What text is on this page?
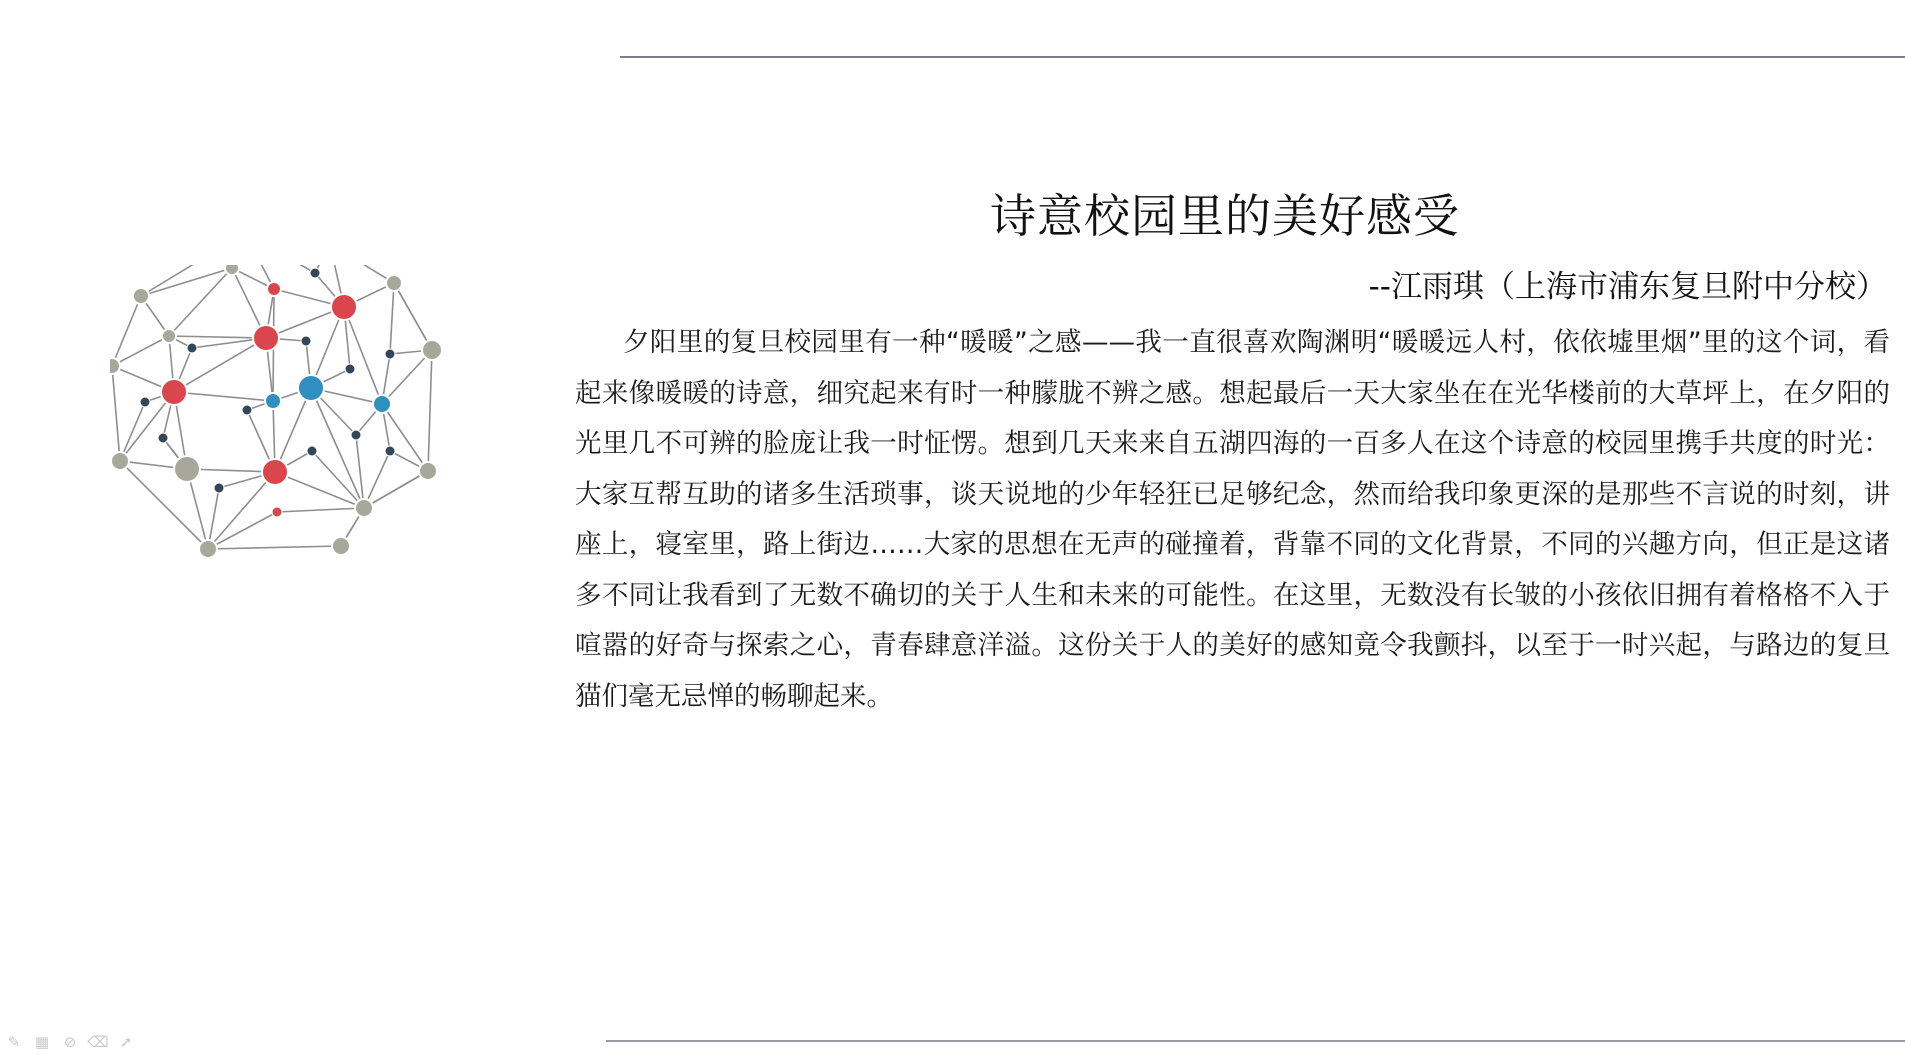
诗意校园里的美好感受
--江雨琪（上海市浦东复旦附中分校）
夕阳里的复旦校园里有一种“暖暖”之感——我一直很喜欢陶渊明“暖暖远人村，依依墟里烟”里的这个词，看起来像暖暖的诗意，细究起来有时一种朦胧不辨之感。想起最后一天大家坐在在光华楼前的大草坪上，在夕阳的光里几不可辨的脸庞让我一时怔愣。想到几天来来自五湖四海的一百多人在这个诗意的校园里携手共度的时光：大家互帮互助的诸多生活琐事，谈天说地的少年轻狂已足够纪念，然而给我印象更深的是那些不言说的时刻，讲座上，寝室里，路上街边……大家的思想在无声的碰撞着，背靠不同的文化背景，不同的兴趣方向，但正是这诸多不同让我看到了无数不确切的关于人生和未来的可能性。在这里，无数没有长皱的小孩依旧拥有着格格不入于喧嚣的好奇与探索之心，青春肆意洋溢。这份关于人的美好的感知竟令我颤抖，以至于一时兴起，与路边的复旦猫们毫无忌惮的畅聊起来。
✎ ▦ ⊘ ⌫ ➚
